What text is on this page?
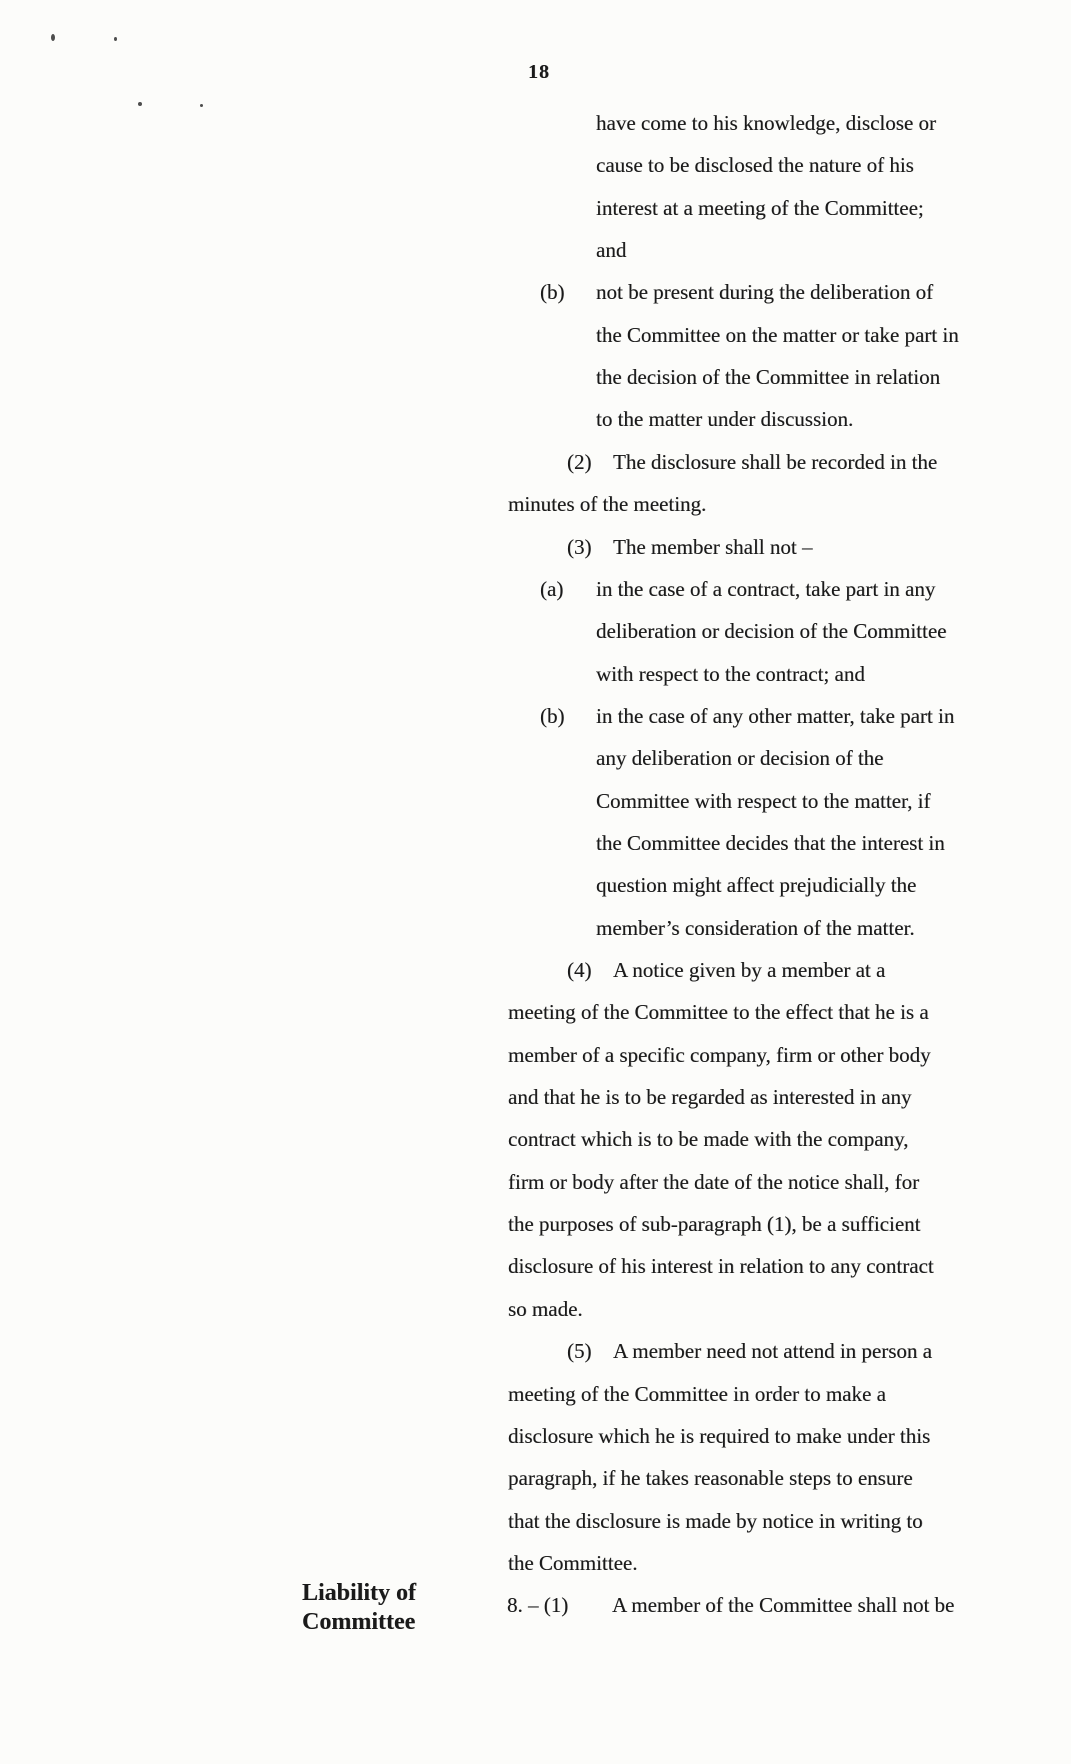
18
Liability of
Committee
have come to his knowledge, disclose or
cause to be disclosed the nature of his
interest at a meeting of the Committee;
and
(b) not be present during the deliberation of
the Committee on the matter or take part in
the decision of the Committee in relation
to the matter under discussion.
(2) The disclosure shall be recorded in the
minutes of the meeting.
(3) The member shall not –
(a) in the case of a contract, take part in any
deliberation or decision of the Committee
with respect to the contract; and
(b) in the case of any other matter, take part in
any deliberation or decision of the
Committee with respect to the matter, if
the Committee decides that the interest in
question might affect prejudicially the
member’s consideration of the matter.
(4) A notice given by a member at a
meeting of the Committee to the effect that he is a
member of a specific company, firm or other body
and that he is to be regarded as interested in any
contract which is to be made with the company,
firm or body after the date of the notice shall, for
the purposes of sub-paragraph (1), be a sufficient
disclosure of his interest in relation to any contract
so made.
(5) A member need not attend in person a
meeting of the Committee in order to make a
disclosure which he is required to make under this
paragraph, if he takes reasonable steps to ensure
that the disclosure is made by notice in writing to
the Committee.
8. – (1) A member of the Committee shall not be
